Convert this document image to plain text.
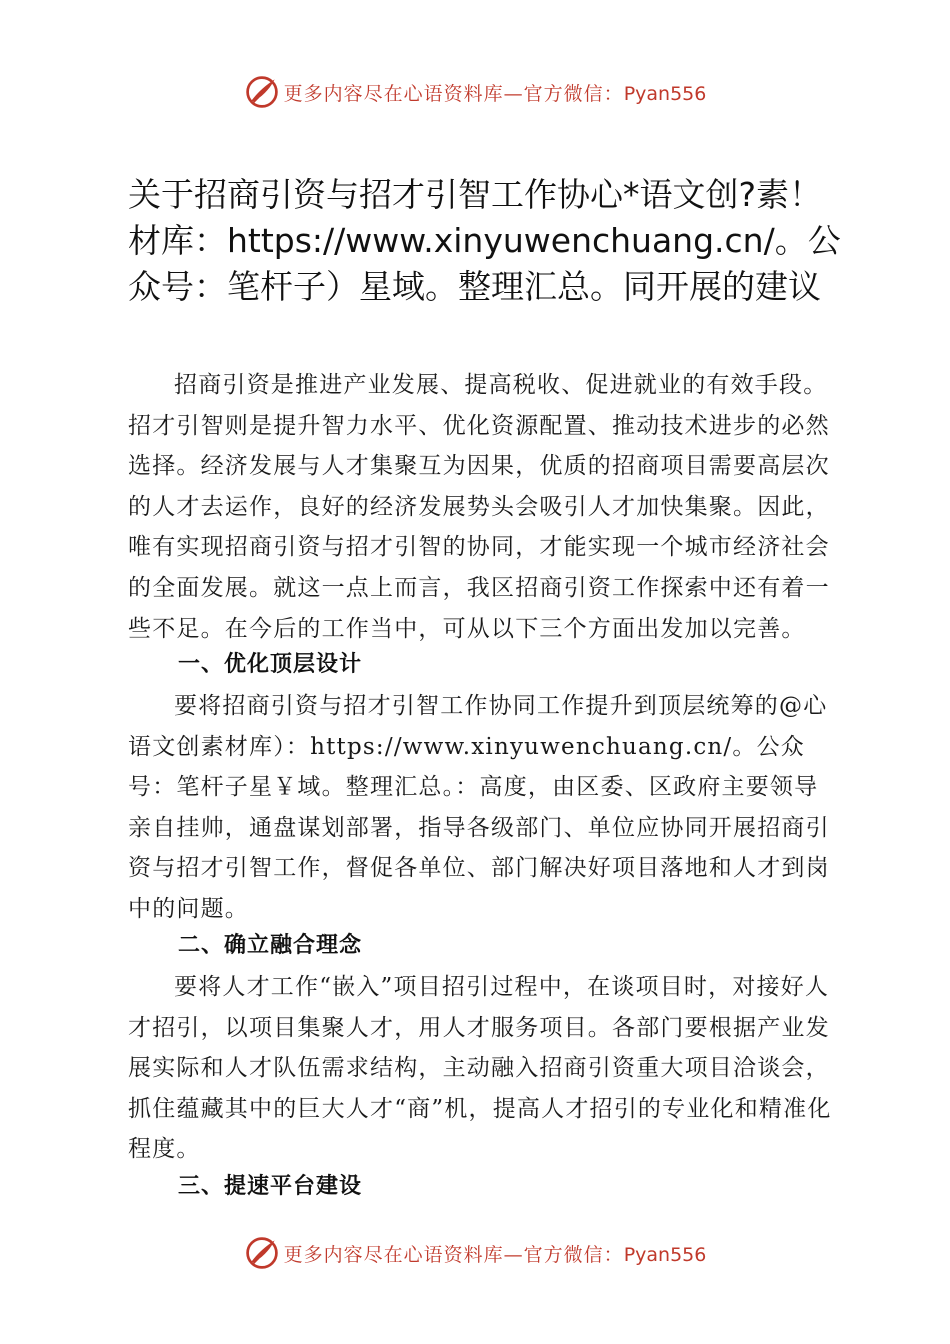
更多内容尽在心语资料库—官方微信：Pyan556
关于招商引资与招才引智工作协心*语文创?素！材库：https://www.xinyuwenchuang.cn/。公众号：笔杆子）星域。整理汇总。同开展的建议

招商引资是推进产业发展、提高税收、促进就业的有效手段。招才引智则是提升智力水平、优化资源配置、推动技术进步的必然选择。经济发展与人才集聚互为因果，优质的招商项目需要高层次的人才去运作，良好的经济发展势头会吸引人才加快集聚。因此，唯有实现招商引资与招才引智的协同，才能实现一个城市经济社会的全面发展。就这一点上而言，我区招商引资工作探索中还有着一些不足。在今后的工作当中，可从以下三个方面出发加以完善。

一、优化顶层设计

要将招商引资与招才引智工作协同工作提升到顶层统筹的@心语文创素材库）：https://www.xinyuwenchuang.cn/。公众号：笔杆子星￥域。整理汇总。：高度，由区委、区政府主要领导亲自挂帅，通盘谋划部署，指导各级部门、单位应协同开展招商引资与招才引智工作，督促各单位、部门解决好项目落地和人才到岗中的问题。

二、确立融合理念

要将人才工作“嵌入”项目招引过程中，在谈项目时，对接好人才招引，以项目集聚人才，用人才服务项目。各部门要根据产业发展实际和人才队伍需求结构，主动融入招商引资重大项目洽谈会，抓住蕴藏其中的巨大人才“商”机，提高人才招引的专业化和精准化程度。

三、提速平台建设
更多内容尽在心语资料库—官方微信：Pyan556
